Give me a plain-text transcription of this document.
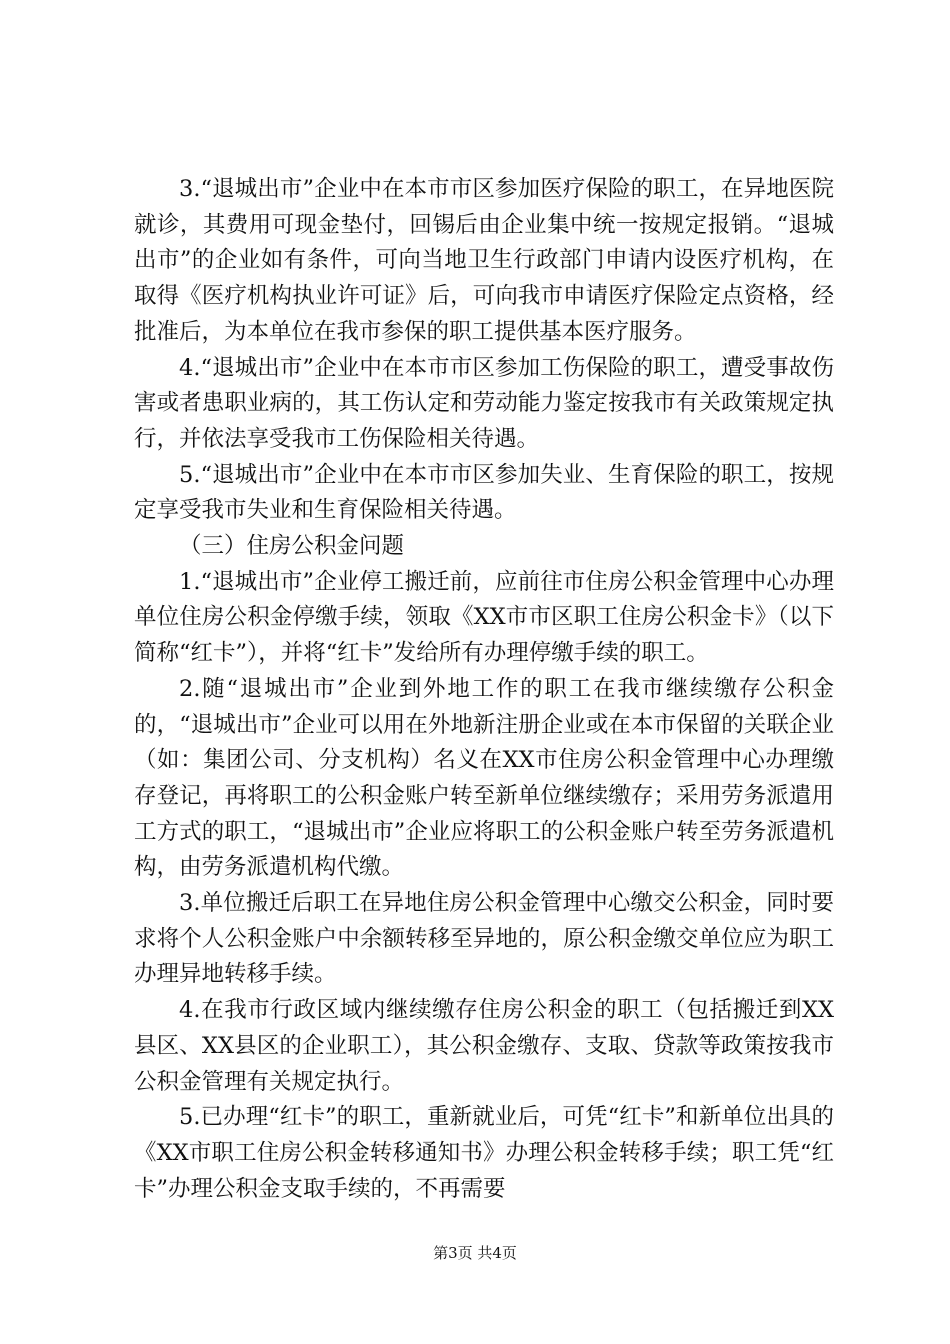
3.“退城出市”企业中在本市市区参加医疗保险的职工，在异地医院就诊，其费用可现金垫付，回锡后由企业集中统一按规定报销。“退城出市”的企业如有条件，可向当地卫生行政部门申请内设医疗机构，在取得《医疗机构执业许可证》后，可向我市申请医疗保险定点资格，经批准后，为本单位在我市参保的职工提供基本医疗服务。

4.“退城出市”企业中在本市市区参加工伤保险的职工，遭受事故伤害或者患职业病的，其工伤认定和劳动能力鉴定按我市有关政策规定执行，并依法享受我市工伤保险相关待遇。

5.“退城出市”企业中在本市市区参加失业、生育保险的职工，按规定享受我市失业和生育保险相关待遇。

（三）住房公积金问题

1.“退城出市”企业停工搬迁前，应前往市住房公积金管理中心办理单位住房公积金停缴手续，领取《XX市市区职工住房公积金卡》（以下简称“红卡”），并将“红卡”发给所有办理停缴手续的职工。

2.随“退城出市”企业到外地工作的职工在我市继续缴存公积金的，“退城出市”企业可以用在外地新注册企业或在本市保留的关联企业（如：集团公司、分支机构）名义在XX市住房公积金管理中心办理缴存登记，再将职工的公积金账户转至新单位继续缴存；采用劳务派遣用工方式的职工，“退城出市”企业应将职工的公积金账户转至劳务派遣机构，由劳务派遣机构代缴。

3.单位搬迁后职工在异地住房公积金管理中心缴交公积金，同时要求将个人公积金账户中余额转移至异地的，原公积金缴交单位应为职工办理异地转移手续。

4.在我市行政区域内继续缴存住房公积金的职工（包括搬迁到XX县区、XX县区的企业职工），其公积金缴存、支取、贷款等政策按我市公积金管理有关规定执行。

5.已办理“红卡”的职工，重新就业后，可凭“红卡”和新单位出具的《XX市职工住房公积金转移通知书》办理公积金转移手续；职工凭“红卡”办理公积金支取手续的，不再需要

第3页 共4页
